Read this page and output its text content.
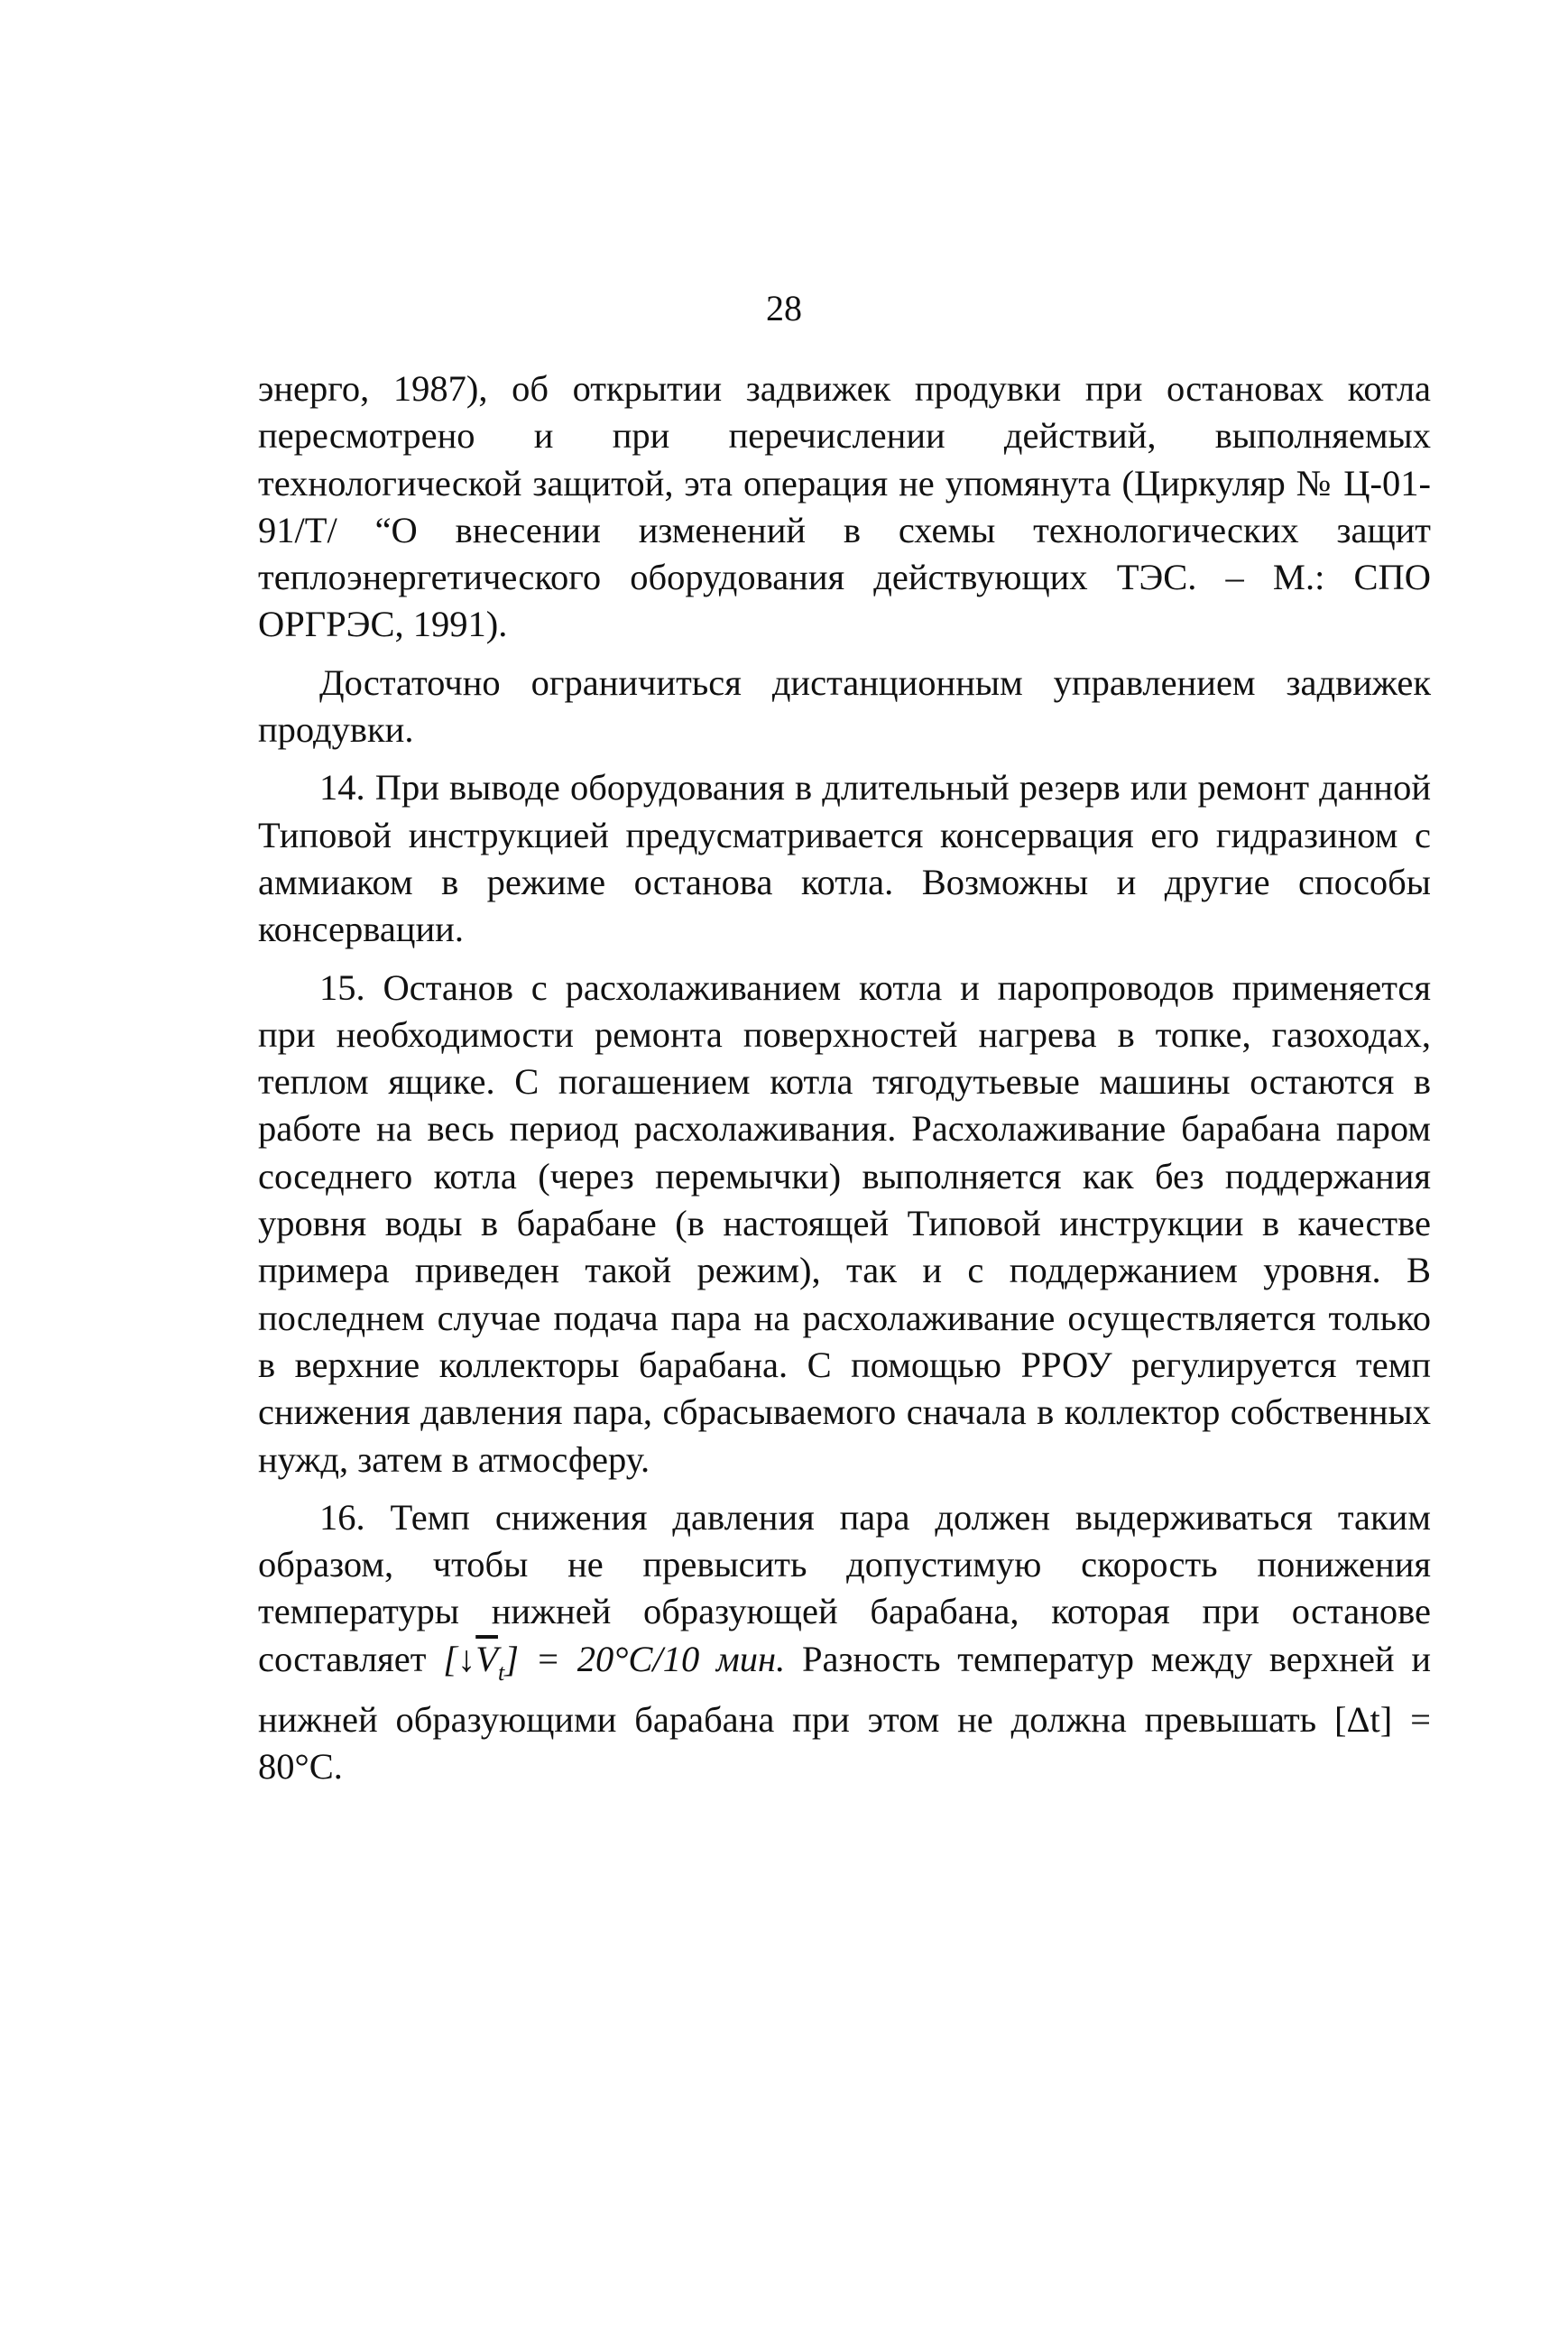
28

энерго, 1987), об открытии задвижек продувки при остановах котла пересмотрено и при перечислении действий, выполняемых технологической защитой, эта операция не упомянута (Циркуляр № Ц-01-91/Т/ “О внесении изменений в схемы технологических защит теплоэнергетического оборудования действующих ТЭС. – М.: СПО ОРГРЭС, 1991).

Достаточно ограничиться дистанционным управлением задвижек продувки.

14. При выводе оборудования в длительный резерв или ремонт данной Типовой инструкцией предусматривается консервация его гидразином с аммиаком в режиме останова котла. Возможны и другие способы консервации.

15. Останов с расхолаживанием котла и паропроводов применяется при необходимости ремонта поверхностей нагрева в топке, газоходах, теплом ящике. С погашением котла тягодутьевые машины остаются в работе на весь период расхолаживания. Расхолаживание барабана паром соседнего котла (через перемычки) выполняется как без поддержания уровня воды в барабане (в настоящей Типовой инструкции в качестве примера приведен такой режим), так и с поддержанием уровня. В последнем случае подача пара на расхолаживание осуществляется только в верхние коллекторы барабана. С помощью РРОУ регулируется темп снижения давления пара, сбрасываемого сначала в коллектор собственных нужд, затем в атмосферу.

16. Темп снижения давления пара должен выдерживаться таким образом, чтобы не превысить допустимую скорость понижения температуры нижней образующей барабана, которая при останове составляет $[↓\overline{V}_t] = 20^\circ С/10$ мин. Разность температур между верхней и нижней образующими барабана при этом не должна превышать [Δt] = 80°С.
